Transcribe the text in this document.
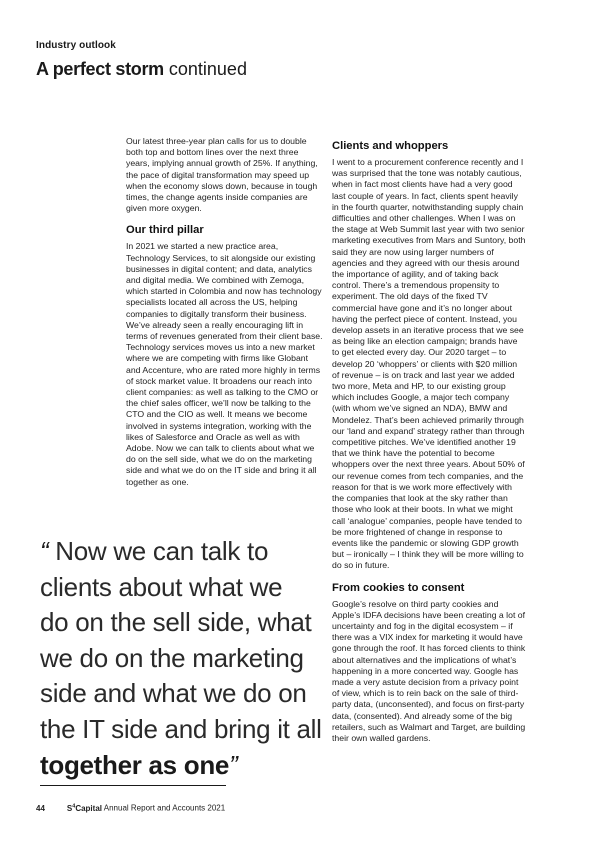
Industry outlook
A perfect storm continued

Our latest three-year plan calls for us to double both top and bottom lines over the next three years, implying annual growth of 25%. If anything, the pace of digital transformation may speed up when the economy slows down, because in tough times, the change agents inside companies are given more oxygen.

Our third pillar

In 2021 we started a new practice area, Technology Services, to sit alongside our existing businesses in digital content; and data, analytics and digital media. We combined with Zemoga, which started in Colombia and now has technology specialists located all across the US, helping companies to digitally transform their business. We’ve already seen a really encouraging lift in terms of revenues generated from their client base. Technology services moves us into a new market where we are competing with firms like Globant and Accenture, who are rated more highly in terms of stock market value. It broadens our reach into client companies: as well as talking to the CMO or the chief sales officer, we’ll now be talking to the CTO and the CIO as well. It means we become involved in systems integration, working with the likes of Salesforce and Oracle as well as with Adobe. Now we can talk to clients about what we do on the sell side, what we do on the marketing side and what we do on the IT side and bring it all together as one.

Clients and whoppers

I went to a procurement conference recently and I was surprised that the tone was notably cautious, when in fact most clients have had a very good last couple of years. In fact, clients spent heavily in the fourth quarter, notwithstanding supply chain difficulties and other challenges. When I was on the stage at Web Summit last year with two senior marketing executives from Mars and Suntory, both said they are now using larger numbers of agencies and they agreed with our thesis around the importance of agility, and of taking back control. There’s a tremendous propensity to experiment. The old days of the fixed TV commercial have gone and it’s no longer about having the perfect piece of content. Instead, you develop assets in an iterative process that we see as being like an election campaign; brands have to get elected every day. Our 2020 target – to develop 20 ‘whoppers’ or clients with $20 million of revenue – is on track and last year we added two more, Meta and HP, to our existing group which includes Google, a major tech company (with whom we’ve signed an NDA), BMW and Mondelez. That’s been achieved primarily through our ‘land and expand’ strategy rather than through competitive pitches. We’ve identified another 19 that we think have the potential to become whoppers over the next three years. About 50% of our revenue comes from tech companies, and the reason for that is we work more effectively with the companies that look at the sky rather than those who look at their boots. In what we might call ‘analogue’ companies, people have tended to be more frightened of change in response to events like the pandemic or slowing GDP growth but – ironically – I think they will be more willing to do so in future.

From cookies to consent

Google’s resolve on third party cookies and Apple’s IDFA decisions have been creating a lot of uncertainty and fog in the digital ecosystem – if there was a VIX index for marketing it would have gone through the roof. It has forced clients to think about alternatives and the implications of what’s happening in a more concerted way. Google has made a very astute decision from a privacy point of view, which is to rein back on the sale of third-party data, (unconsented), and focus on first-party data, (consented). And already some of the big retailers, such as Walmart and Target, are building their own walled gardens.

“ Now we can talk to
clients about what we
do on the sell side, what
we do on the marketing
side and what we do on
the IT side and bring it all
together as one”
44	$S^4Capital$ Annual Report and Accounts 2021
